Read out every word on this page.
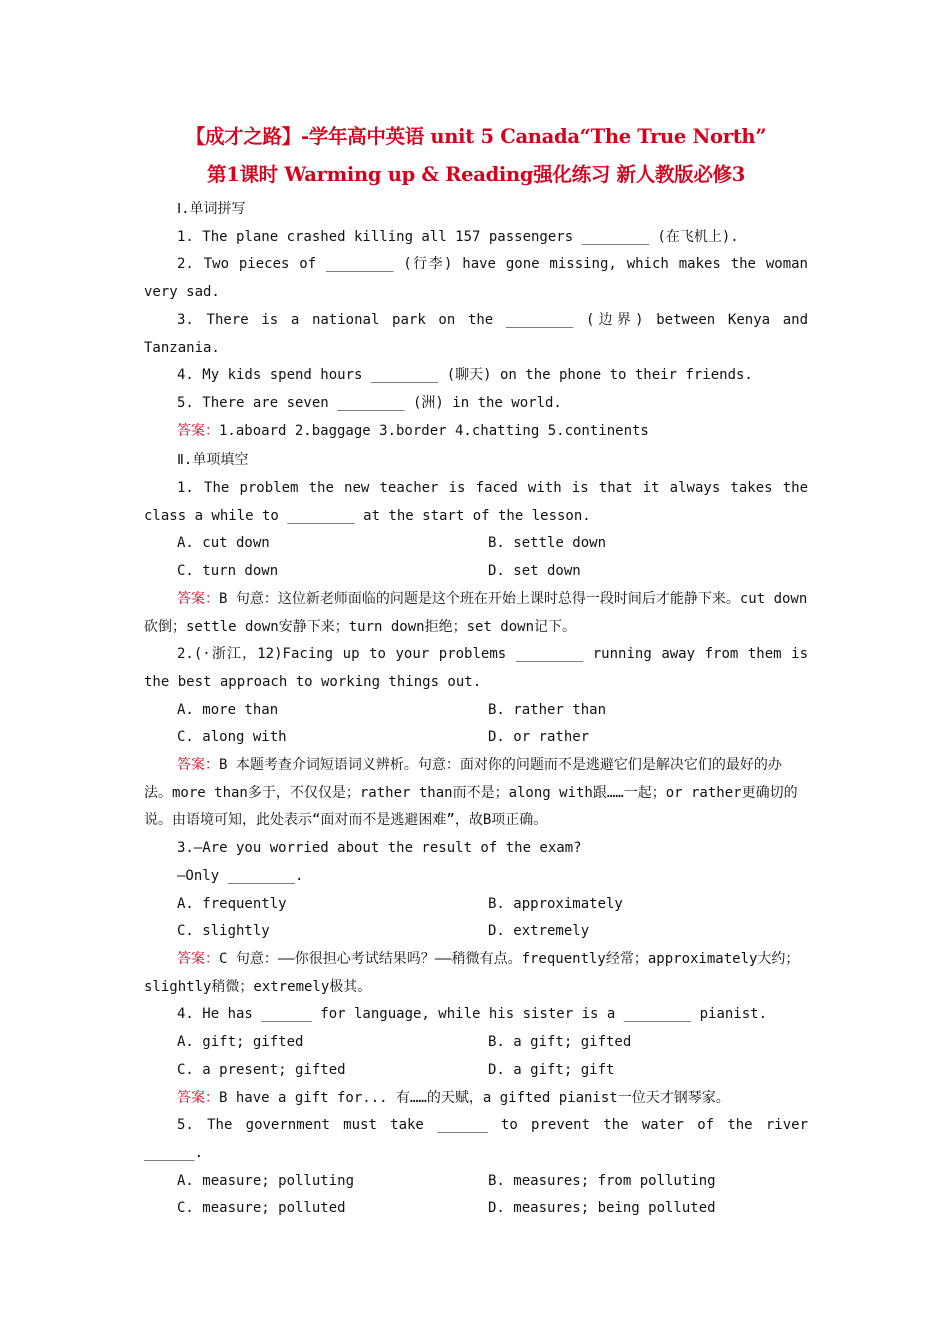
【成才之路】-学年高中英语 unit 5 Canada“The True North”
第1课时 Warming up & Reading强化练习 新人教版必修3
Ⅰ.单词拼写

1. The plane crashed killing all 157 passengers ________ (在飞机上).

2. Two pieces of ________ (行李) have gone missing, which makes the woman very sad.

3. There is a national park on the ________ (边界) between Kenya and Tanzania.

4. My kids spend hours ________ (聊天) on the phone to their friends.

5. There are seven ________ (洲) in the world.

答案：1.aboard 2.baggage 3.border 4.chatting 5.continents

Ⅱ.单项填空

1. The problem the new teacher is faced with is that it always takes the class a while to ________ at the start of the lesson.

A. cut down	B. settle down
C. turn down	D. set down

答案：B 句意：这位新老师面临的问题是这个班在开始上课时总得一段时间后才能静下来。cut down砍倒；settle down安静下来；turn down拒绝；set down记下。

2.(·浙江，12)Facing up to your problems ________ running away from them is the best approach to working things out.

A. more than	B. rather than
C. along with	D. or rather

答案：B 本题考查介词短语词义辨析。句意：面对你的问题而不是逃避它们是解决它们的最好的办法。more than多于，不仅仅是；rather than而不是；along with跟……一起；or rather更确切的说。由语境可知，此处表示“面对而不是逃避困难”，故B项正确。

3.—Are you worried about the result of the exam?

—Only ________.

A. frequently	B. approximately
C. slightly	D. extremely

答案：C 句意：——你很担心考试结果吗？——稍微有点。frequently经常；approximately大约；slightly稍微；extremely极其。

4. He has ______ for language, while his sister is a ________ pianist.

A. gift; gifted	B. a gift; gifted
C. a present; gifted	D. a gift; gift

答案：B have a gift for... 有……的天赋，a gifted pianist一位天才钢琴家。

5. The government must take ______ to prevent the water of the river ______.

A. measure; polluting	B. measures; from polluting
C. measure; polluted	D. measures; being polluted
